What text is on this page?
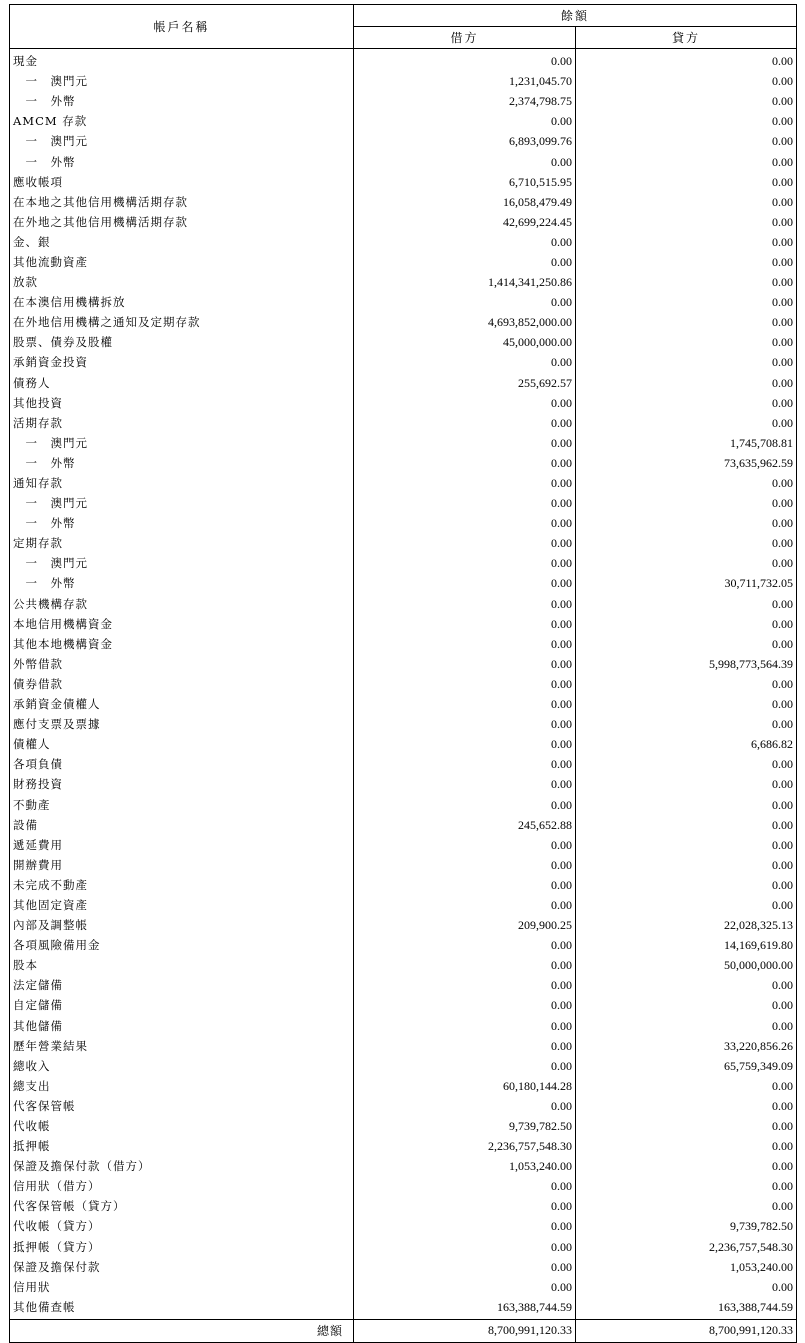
帳戶名稱	餘額	
	借方	貸方
現金	0.00	0.00
　一　澳門元	1,231,045.70	0.00
　一　外幣	2,374,798.75	0.00
AMCM 存款	0.00	0.00
　一　澳門元	6,893,099.76	0.00
　一　外幣	0.00	0.00
應收帳項	6,710,515.95	0.00
在本地之其他信用機構活期存款	16,058,479.49	0.00
在外地之其他信用機構活期存款	42,699,224.45	0.00
金、銀	0.00	0.00
其他流動資產	0.00	0.00
放款	1,414,341,250.86	0.00
在本澳信用機構拆放	0.00	0.00
在外地信用機構之通知及定期存款	4,693,852,000.00	0.00
股票、債券及股權	45,000,000.00	0.00
承銷資金投資	0.00	0.00
債務人	255,692.57	0.00
其他投資	0.00	0.00
活期存款	0.00	0.00
　一　澳門元	0.00	1,745,708.81
　一　外幣	0.00	73,635,962.59
通知存款	0.00	0.00
　一　澳門元	0.00	0.00
　一　外幣	0.00	0.00
定期存款	0.00	0.00
　一　澳門元	0.00	0.00
　一　外幣	0.00	30,711,732.05
公共機構存款	0.00	0.00
本地信用機構資金	0.00	0.00
其他本地機構資金	0.00	0.00
外幣借款	0.00	5,998,773,564.39
債券借款	0.00	0.00
承銷資金債權人	0.00	0.00
應付支票及票據	0.00	0.00
債權人	0.00	6,686.82
各項負債	0.00	0.00
財務投資	0.00	0.00
不動產	0.00	0.00
設備	245,652.88	0.00
遞延費用	0.00	0.00
開辦費用	0.00	0.00
未完成不動產	0.00	0.00
其他固定資產	0.00	0.00
內部及調整帳	209,900.25	22,028,325.13
各項風險備用金	0.00	14,169,619.80
股本	0.00	50,000,000.00
法定儲備	0.00	0.00
自定儲備	0.00	0.00
其他儲備	0.00	0.00
歷年營業結果	0.00	33,220,856.26
總收入	0.00	65,759,349.09
總支出	60,180,144.28	0.00
代客保管帳	0.00	0.00
代收帳	9,739,782.50	0.00
抵押帳	2,236,757,548.30	0.00
保證及擔保付款（借方）	1,053,240.00	0.00
信用狀（借方）	0.00	0.00
代客保管帳（貸方）	0.00	0.00
代收帳（貸方）	0.00	9,739,782.50
抵押帳（貸方）	0.00	2,236,757,548.30
保證及擔保付款	0.00	1,053,240.00
信用狀	0.00	0.00
其他備查帳	163,388,744.59	163,388,744.59
總額	8,700,991,120.33	8,700,991,120.33
